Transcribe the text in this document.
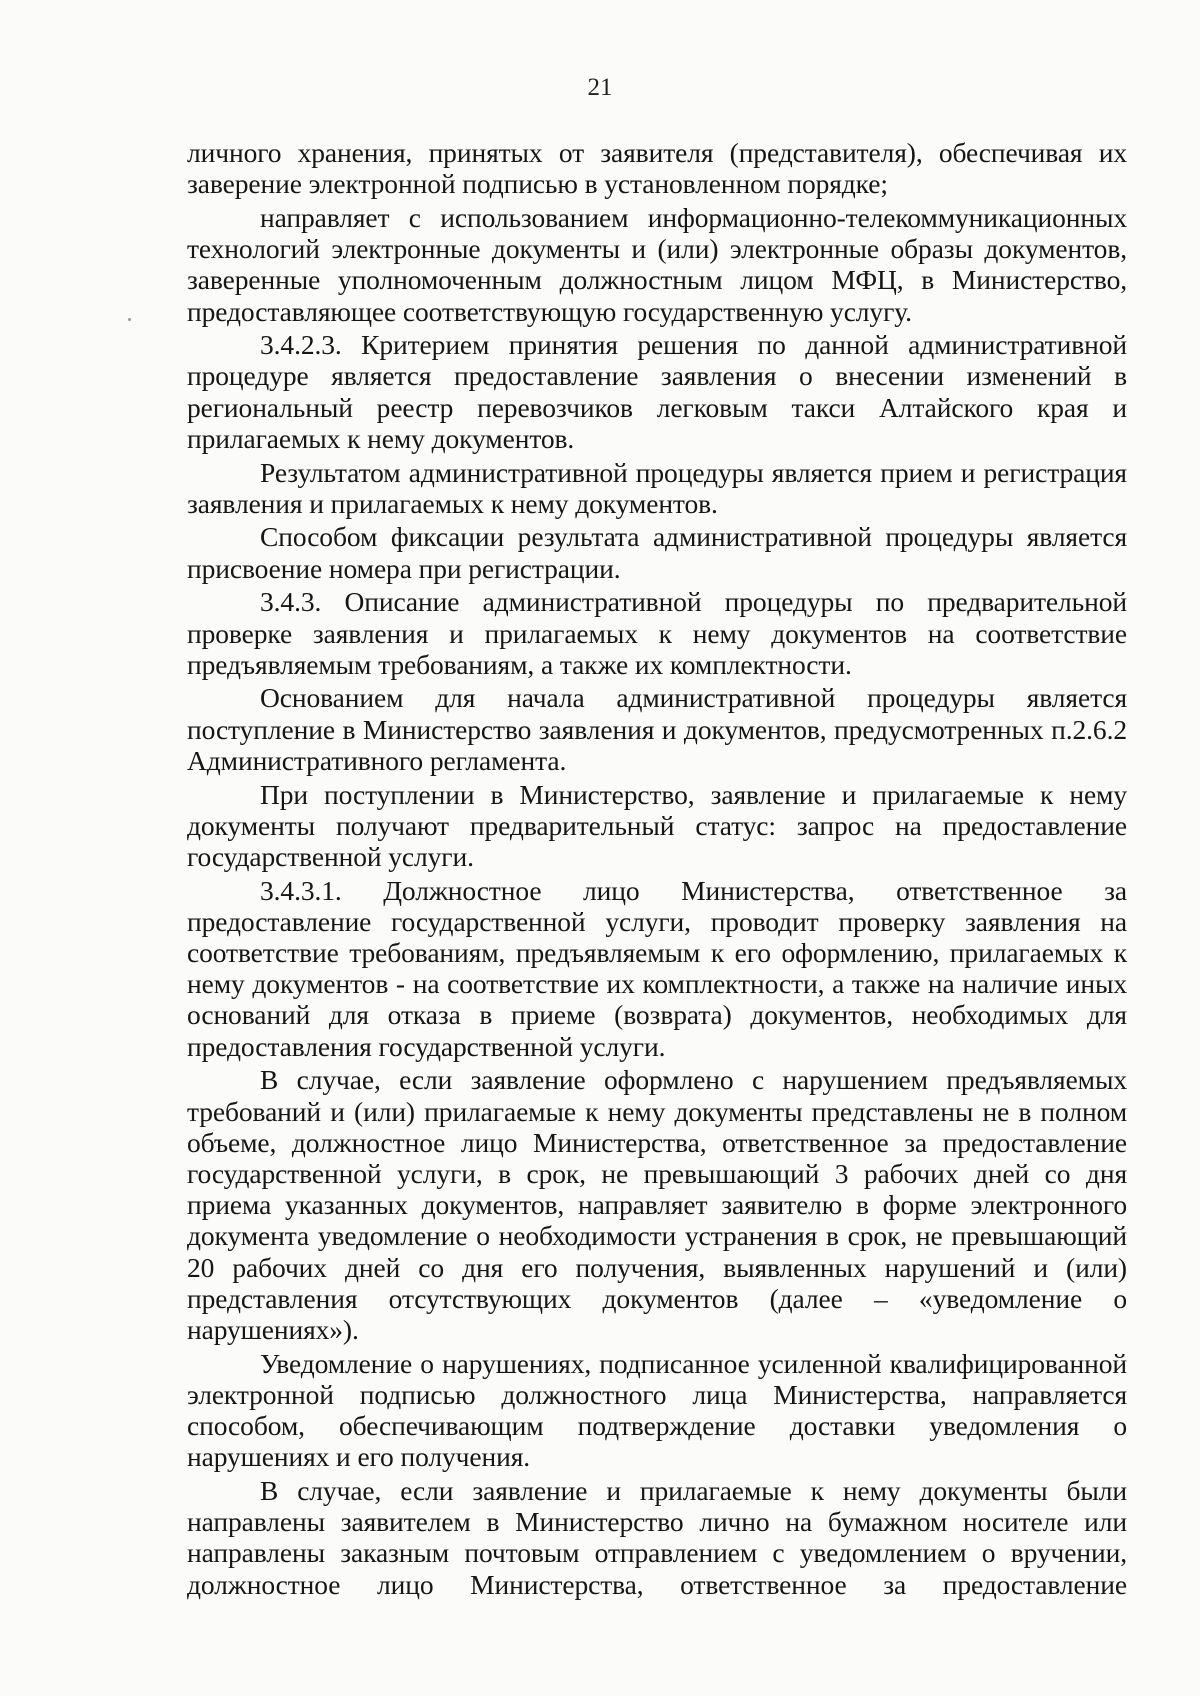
21

личного хранения, принятых от заявителя (представителя), обеспечивая их заверение электронной подписью в установленном порядке;

направляет с использованием информационно-телекоммуникационных технологий электронные документы и (или) электронные образы документов, заверенные уполномоченным должностным лицом МФЦ, в Министерство, предоставляющее соответствующую государственную услугу.

3.4.2.3. Критерием принятия решения по данной административной процедуре является предоставление заявления о внесении изменений в региональный реестр перевозчиков легковым такси Алтайского края и прилагаемых к нему документов.

Результатом административной процедуры является прием и регистрация заявления и прилагаемых к нему документов.

Способом фиксации результата административной процедуры является присвоение номера при регистрации.

3.4.3. Описание административной процедуры по предварительной проверке заявления и прилагаемых к нему документов на соответствие предъявляемым требованиям, а также их комплектности.

Основанием для начала административной процедуры является поступление в Министерство заявления и документов, предусмотренных п.2.6.2 Административного регламента.

При поступлении в Министерство, заявление и прилагаемые к нему документы получают предварительный статус: запрос на предоставление государственной услуги.

3.4.3.1. Должностное лицо Министерства, ответственное за предоставление государственной услуги, проводит проверку заявления на соответствие требованиям, предъявляемым к его оформлению, прилагаемых к нему документов - на соответствие их комплектности, а также на наличие иных оснований для отказа в приеме (возврата) документов, необходимых для предоставления государственной услуги.

В случае, если заявление оформлено с нарушением предъявляемых требований и (или) прилагаемые к нему документы представлены не в полном объеме, должностное лицо Министерства, ответственное за предоставление государственной услуги, в срок, не превышающий 3 рабочих дней со дня приема указанных документов, направляет заявителю в форме электронного документа уведомление о необходимости устранения в срок, не превышающий 20 рабочих дней со дня его получения, выявленных нарушений и (или) представления отсутствующих документов (далее – «уведомление о нарушениях»).

Уведомление о нарушениях, подписанное усиленной квалифицированной электронной подписью должностного лица Министерства, направляется способом, обеспечивающим подтверждение доставки уведомления о нарушениях и его получения.

В случае, если заявление и прилагаемые к нему документы были направлены заявителем в Министерство лично на бумажном носителе или направлены заказным почтовым отправлением с уведомлением о вручении, должностное лицо Министерства, ответственное за предоставление
